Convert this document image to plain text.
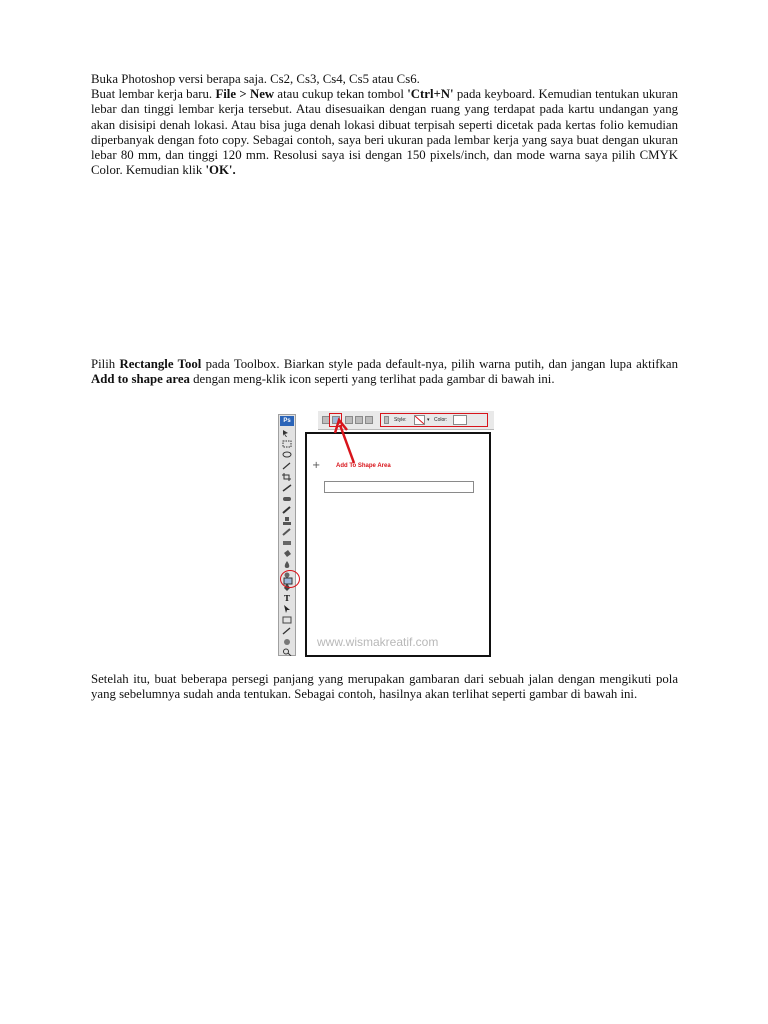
Buka Photoshop versi berapa saja. Cs2, Cs3, Cs4, Cs5 atau Cs6.
Buat lembar kerja baru. File > New atau cukup tekan tombol 'Ctrl+N' pada keyboard. Kemudian tentukan ukuran lebar dan tinggi lembar kerja tersebut. Atau disesuaikan dengan ruang yang terdapat pada kartu undangan yang akan disisipi denah lokasi. Atau bisa juga denah lokasi dibuat terpisah seperti dicetak pada kertas folio kemudian diperbanyak dengan foto copy. Sebagai contoh, saya beri ukuran pada lembar kerja yang saya buat dengan ukuran lebar 80 mm, dan tinggi 120 mm. Resolusi saya isi dengan 150 pixels/inch, dan mode warna saya pilih CMYK Color. Kemudian klik 'OK'.

Pilih Rectangle Tool pada Toolbox. Biarkan style pada default-nya, pilih warna putih, dan jangan lupa aktifkan Add to shape area dengan meng-klik icon seperti yang terlihat pada gambar di bawah ini.

Ps
T
Style:	▾ Color:
+	Add To Shape Area
www.wismakreatif.com

Setelah itu, buat beberapa persegi panjang yang merupakan gambaran dari sebuah jalan dengan mengikuti pola yang sebelumnya sudah anda tentukan. Sebagai contoh, hasilnya akan terlihat seperti gambar di bawah ini.
